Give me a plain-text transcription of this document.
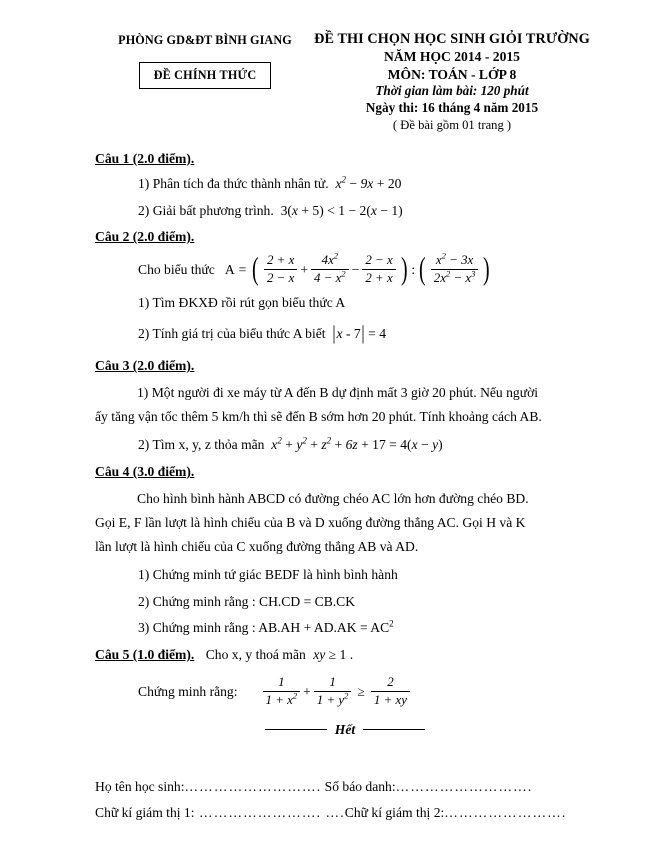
PHÒNG GD&ĐT BÌNH GIANG
ĐỀ CHÍNH THỨC
ĐỀ THI CHỌN HỌC SINH GIỎI TRƯỜNG
NĂM HỌC 2014 - 2015
MÔN: TOÁN - LỚP 8
Thời gian làm bài: 120 phút
Ngày thi: 16 tháng 4 năm 2015
( Đề bài gồm 01 trang )
Câu 1 (2.0 điểm).
1) Phân tích đa thức thành nhân tử. $x^2 - 9x + 20$
2) Giải bất phương trình. 3(x + 5) < 1 − 2(x − 1)
Câu 2 (2.0 điểm).
Cho biểu thức A = ( $\frac{2 + x}{2 - x} + \frac{4x^2}{4 - x^2} - \frac{2 - x}{2 + x}$ ) : ( $\frac{x^2 - 3x}{2x^2 - x^3}$ )
1) Tìm ĐKXĐ rồi rút gọn biểu thức A
2) Tính giá trị của biểu thức A biết |x - 7| = 4
Câu 3 (2.0 điểm).
1) Một người đi xe máy từ A đến B dự định mất 3 giờ 20 phút. Nếu người
ấy tăng vận tốc thêm 5 km/h thì sẽ đến B sớm hơn 20 phút. Tính khoảng cách AB.
2) Tìm x, y, z thỏa mãn $x^2 + y^2 + z^2 + 6z + 17 = 4(x - y)$
Câu 4 (3.0 điểm).
Cho hình bình hành ABCD có đường chéo AC lớn hơn đường chéo BD.
Gọi E, F lần lượt là hình chiếu của B và D xuống đường thẳng AC. Gọi H và K
lần lượt là hình chiếu của C xuống đường thẳng AB và AD.
1) Chứng minh tứ giác BEDF là hình bình hành
2) Chứng minh rằng : CH.CD = CB.CK
3) Chứng minh rằng : $AB.AH + AD.AK = AC^2$
Câu 5 (1.0 điểm). Cho x, y thoá mãn xy ≥ 1 .
Chứng minh rằng: $\frac{1}{1 + x^2} + \frac{1}{1 + y^2} \ge \frac{2}{1 + xy}$
Hết
Họ tên học sinh:………………………. Số báo danh:……………………….
Chữ kí giám thị 1: ……………………. ….Chữ kí giám thị 2:…………………….
